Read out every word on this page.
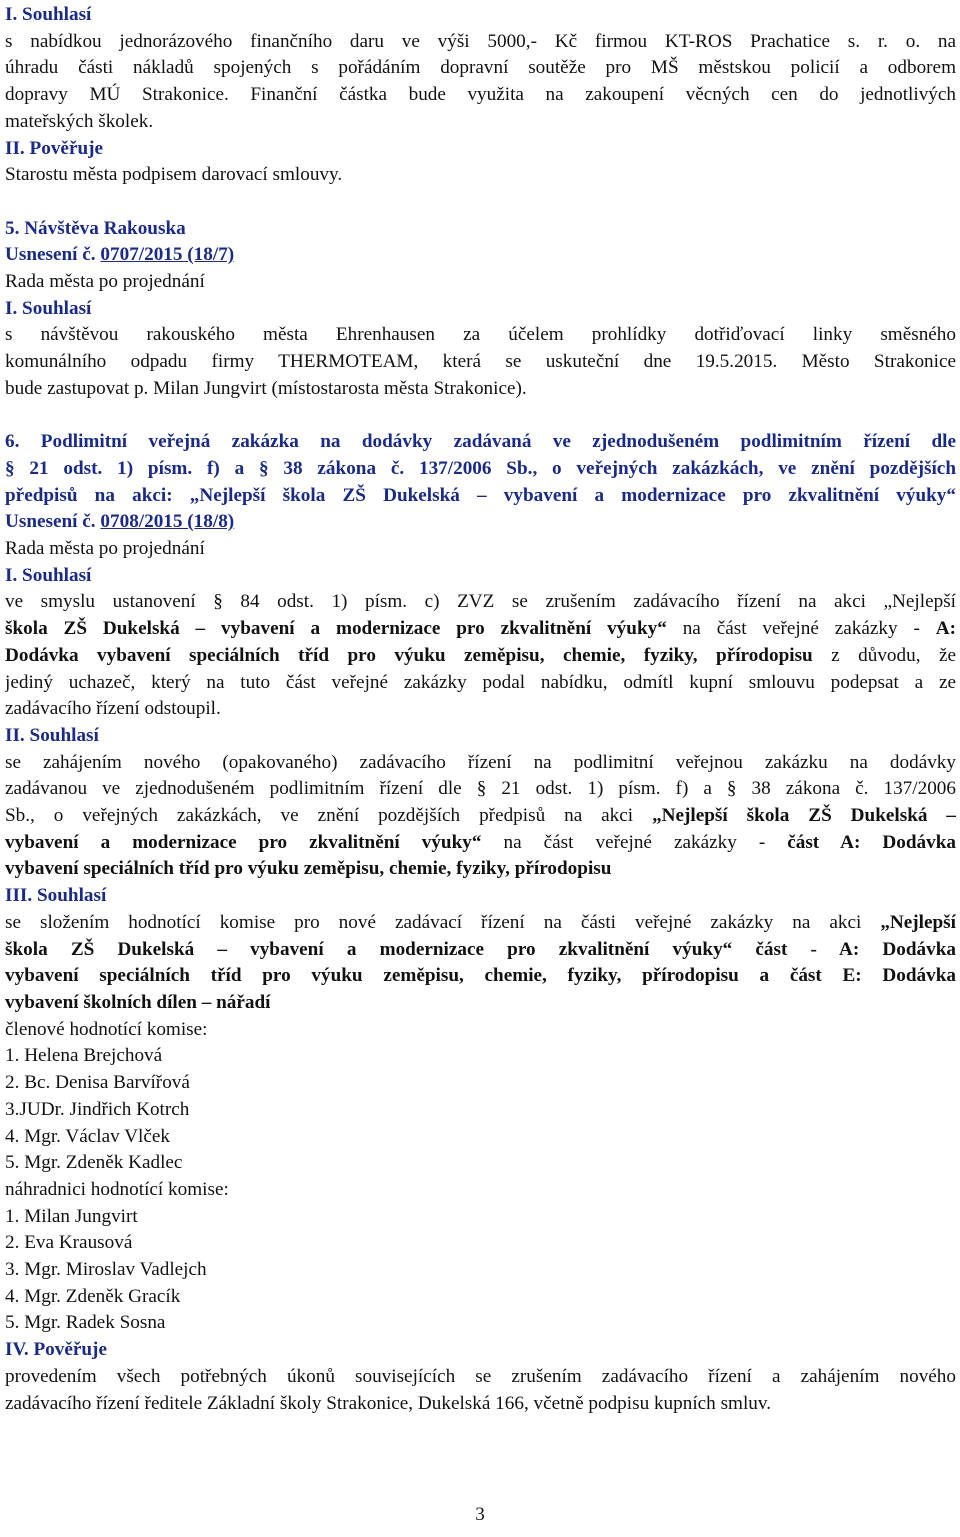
I. Souhlasí
s nabídkou jednorázového finančního daru ve výši 5000,- Kč firmou KT-ROS Prachatice s. r. o. na
úhradu části nákladů spojených s pořádáním dopravní soutěže pro MŠ městskou policií a odborem
dopravy MÚ Strakonice. Finanční částka bude využita na zakoupení věcných cen do jednotlivých
mateřských školek.
II. Pověřuje
Starostu města podpisem darovací smlouvy.
5. Návštěva Rakouska
Usnesení č. 0707/2015 (18/7)
Rada města po projednání
I. Souhlasí
s návštěvou rakouského města Ehrenhausen za účelem prohlídky dotřiďovací linky směsného
komunálního odpadu firmy THERMOTEAM, která se uskuteční dne 19.5.2015. Město Strakonice
bude zastupovat p. Milan Jungvirt (místostarosta města Strakonice).
6. Podlimitní veřejná zakázka na dodávky zadávaná ve zjednodušeném podlimitním řízení dle
§ 21 odst. 1) písm. f) a § 38 zákona č. 137/2006 Sb., o veřejných zakázkách, ve znění pozdějších
předpisů na akci: „Nejlepší škola ZŠ Dukelská – vybavení a modernizace pro zkvalitnění výuky“
Usnesení č. 0708/2015 (18/8)
Rada města po projednání
I. Souhlasí
ve smyslu ustanovení § 84 odst. 1) písm. c) ZVZ se zrušením zadávacího řízení na akci „Nejlepší
škola ZŠ Dukelská – vybavení a modernizace pro zkvalitnění výuky“ na část veřejné zakázky - A:
Dodávka vybavení speciálních tříd pro výuku zeměpisu, chemie, fyziky, přírodopisu z důvodu, že
jediný uchazeč, který na tuto část veřejné zakázky podal nabídku, odmítl kupní smlouvu podepsat a ze
zadávacího řízení odstoupil.
II. Souhlasí
se zahájením nového (opakovaného) zadávacího řízení na podlimitní veřejnou zakázku na dodávky
zadávanou ve zjednodušeném podlimitním řízení dle § 21 odst. 1) písm. f) a § 38 zákona č. 137/2006
Sb., o veřejných zakázkách, ve znění pozdějších předpisů na akci „Nejlepší škola ZŠ Dukelská –
vybavení a modernizace pro zkvalitnění výuky“ na část veřejné zakázky - část A: Dodávka
vybavení speciálních tříd pro výuku zeměpisu, chemie, fyziky, přírodopisu
III. Souhlasí
se složením hodnotící komise pro nové zadávací řízení na části veřejné zakázky na akci „Nejlepší
škola ZŠ Dukelská – vybavení a modernizace pro zkvalitnění výuky“ část - A: Dodávka
vybavení speciálních tříd pro výuku zeměpisu, chemie, fyziky, přírodopisu a část E: Dodávka
vybavení školních dílen – nářadí
členové hodnotící komise:
1. Helena Brejchová
2. Bc. Denisa Barvířová
3.JUDr. Jindřich Kotrch
4. Mgr. Václav Vlček
5. Mgr. Zdeněk Kadlec
náhradnici hodnotící komise:
1. Milan Jungvirt
2. Eva Krausová
3. Mgr. Miroslav Vadlejch
4. Mgr. Zdeněk Gracík
5. Mgr. Radek Sosna
IV. Pověřuje
provedením všech potřebných úkonů souvisejících se zrušením zadávacího řízení a zahájením nového
zadávacího řízení ředitele Základní školy Strakonice, Dukelská 166, včetně podpisu kupních smluv.
3
